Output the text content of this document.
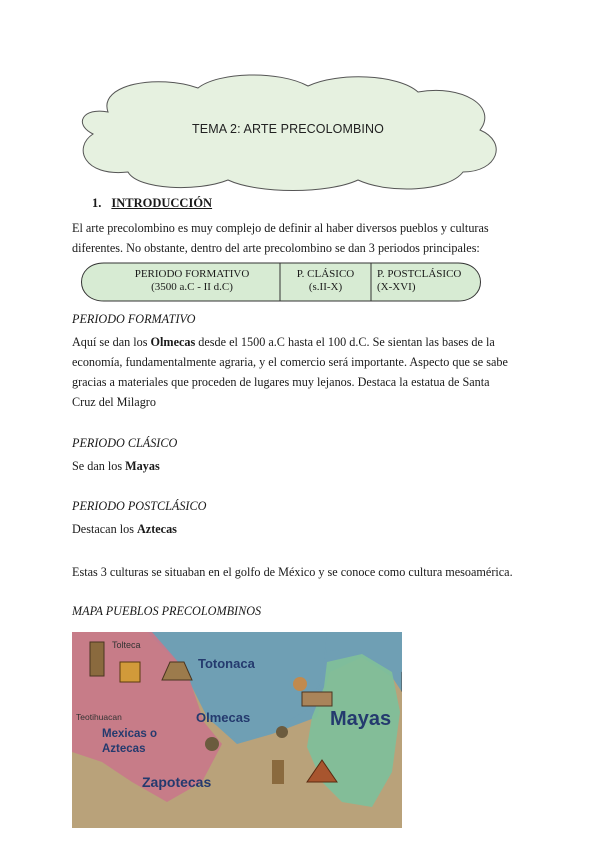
TEMA 2: ARTE PRECOLOMBINO
1. INTRODUCCIÓN

El arte precolombino es muy complejo de definir al haber diversos pueblos y culturas diferentes. No obstante, dentro del arte precolombino se dan 3 periodos principales:

PERIODO FORMATIVO
(3500 a.C - II d.C)
P. CLÁSICO
(s.II-X)
P. POSTCLÁSICO
(X-XVI)
PERIODO FORMATIVO

Aquí se dan los Olmecas desde el 1500 a.C hasta el 100 d.C. Se sientan las bases de la economía, fundamentalmente agraria, y el comercio será importante. Aspecto que se sabe gracias a materiales que proceden de lugares muy lejanos. Destaca la estatua de Santa Cruz del Milagro

PERIODO CLÁSICO

Se dan los Mayas

PERIODO POSTCLÁSICO

Destacan los Aztecas

Estas 3 culturas se situaban en el golfo de México y se conoce como cultura mesoamérica.

MAPA PUEBLOS PRECOLOMBINOS
Tolteca
Totonaca
Teotihuacan	Olmecas	Mayas
Mexicas o
Aztecas
Zapotecas
